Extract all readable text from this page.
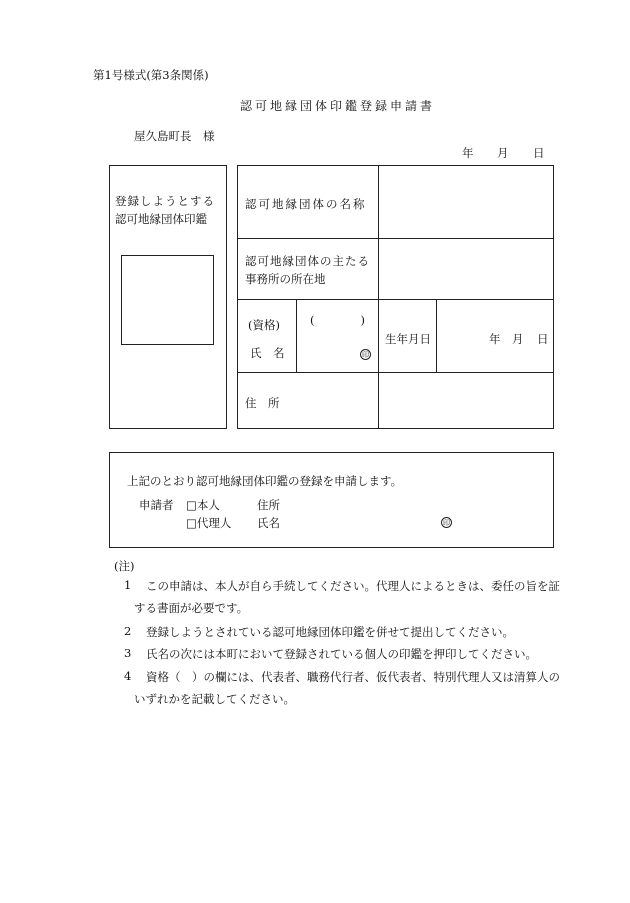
第1号様式(第3条関係)
認可地縁団体印鑑登録申請書
屋久島町長　様
年 月 日
登録しようとする
認可地縁団体印鑑
認可地縁団体の名称
認可地縁団体の主たる
事務所の所在地
(資格)
氏　名
(　　　　)
印
生年月日	年 月 日
住　所
上記のとおり認可地縁団体印鑑の登録を申請します。
申請者 □本人
□代理人
住所
氏名	印
(注)
1 この申請は、本人が自ら手続してください。代理人によるときは、委任の旨を証
する書面が必要です。
2 登録しようとされている認可地縁団体印鑑を併せて提出してください。
3 氏名の次には本町において登録されている個人の印鑑を押印してください。
4 資格（　）の欄には、代表者、職務代行者、仮代表者、特別代理人又は清算人の
いずれかを記載してください。
